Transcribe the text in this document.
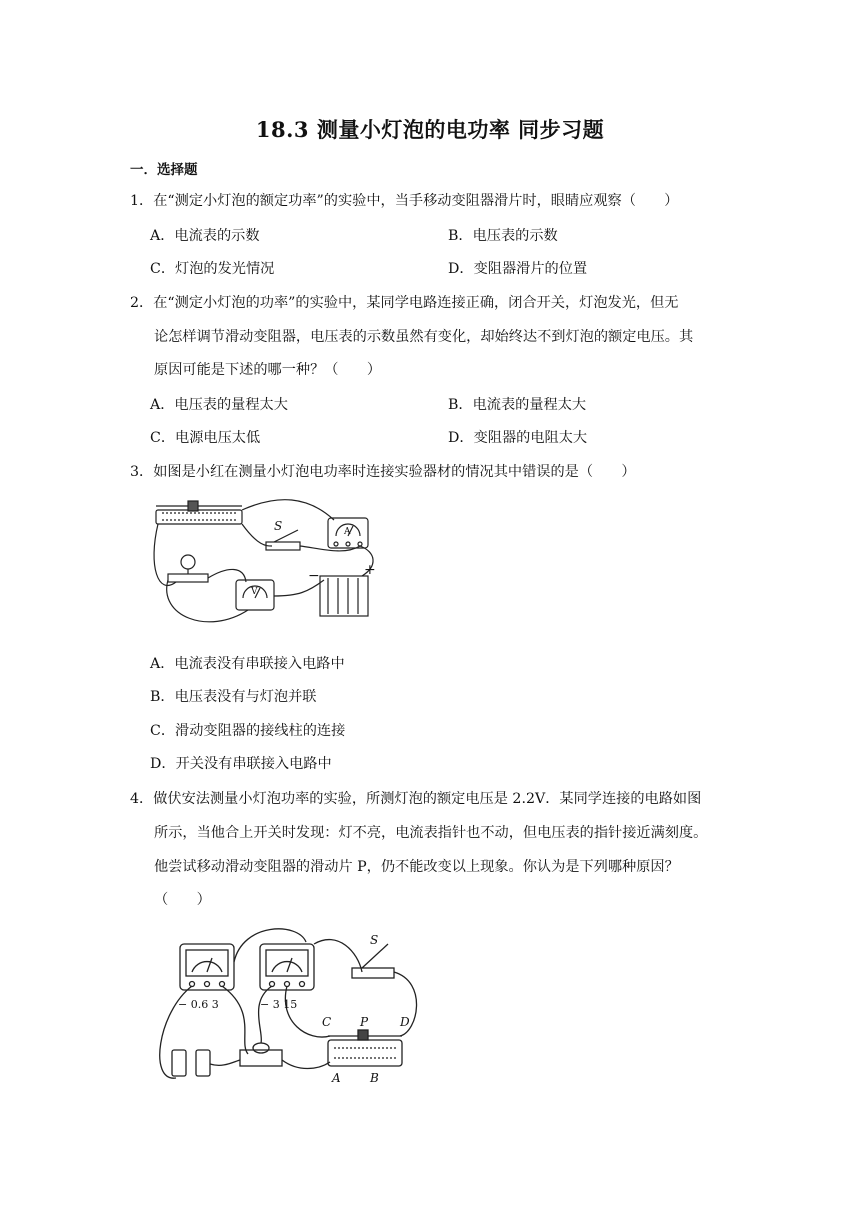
18.3 测量小灯泡的电功率 同步习题
一．选择题
1．在“测定小灯泡的额定功率”的实验中，当手移动变阻器滑片时，眼睛应观察（　　）
A．电流表的示数	B．电压表的示数
C．灯泡的发光情况	D．变阻器滑片的位置
2．在“测定小灯泡的功率”的实验中，某同学电路连接正确，闭合开关，灯泡发光，但无
论怎样调节滑动变阻器，电压表的示数虽然有变化，却始终达不到灯泡的额定电压。其
原因可能是下述的哪一种？（　　）
A．电压表的量程太大	B．电流表的量程太大
C．电源电压太低	D．变阻器的电阻太大
3．如图是小红在测量小灯泡电功率时连接实验器材的情况其中错误的是（　　）
S	A
V
−	+
A．电流表没有串联接入电路中
B．电压表没有与灯泡并联
C．滑动变阻器的接线柱的连接
D．开关没有串联接入电路中
4．做伏安法测量小灯泡功率的实验，所测灯泡的额定电压是 2.2V．某同学连接的电路如图
所示，当他合上开关时发现：灯不亮，电流表指针也不动，但电压表的指针接近满刻度。
他尝试移动滑动变阻器的滑动片 P，仍不能改变以上现象。你认为是下列哪种原因？
（　　）
− 0.6 3	− 3 15
S
P
C	D
A B
